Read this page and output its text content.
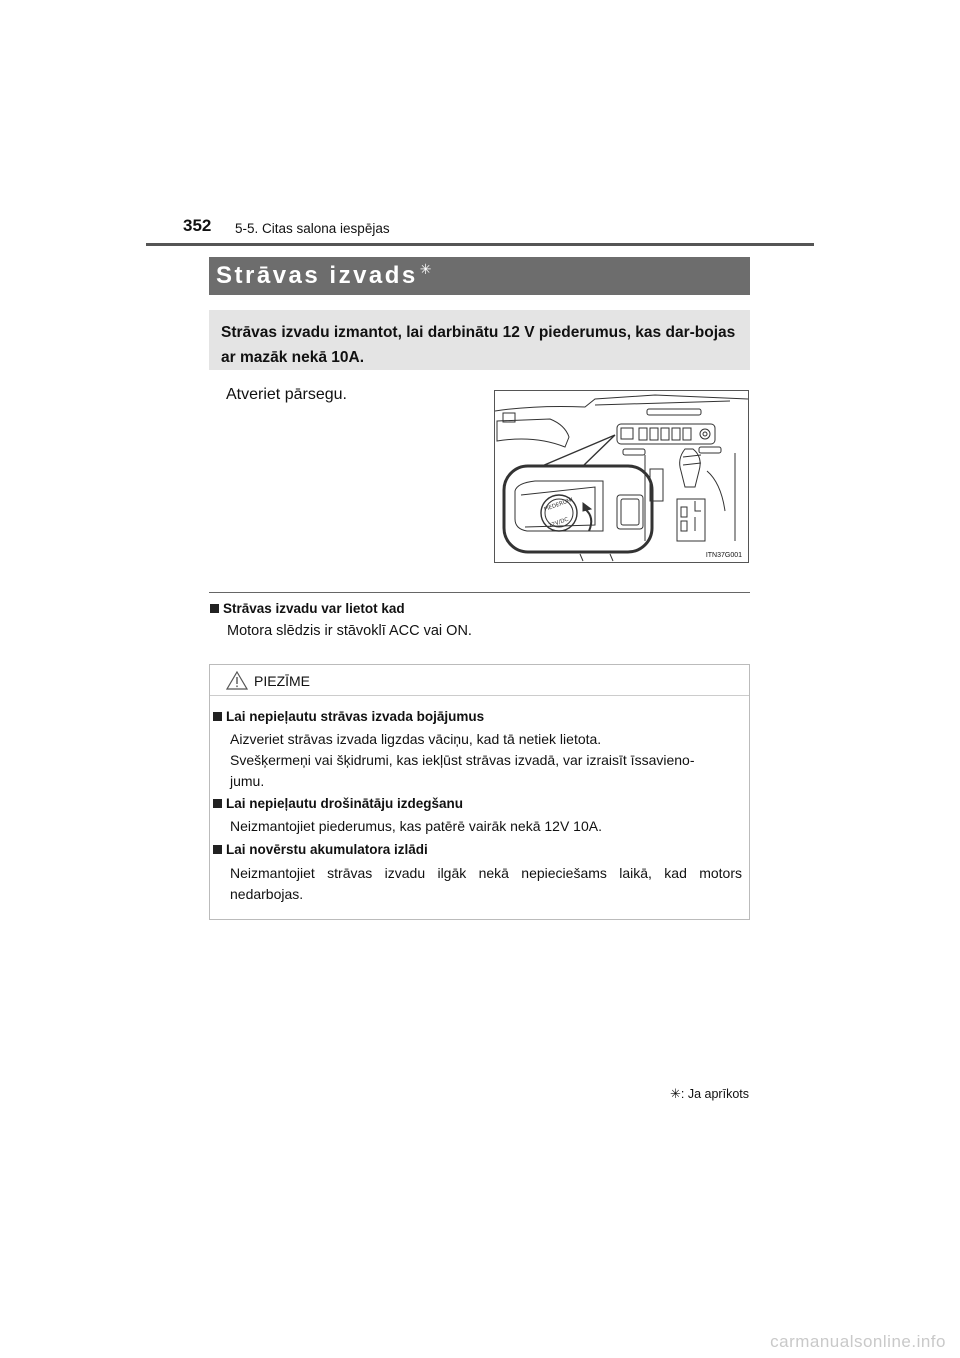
352 5-5. Citas salona iespējas
Strāvas izvads ✳
Strāvas izvadu izmantot, lai darbinātu 12 V piederumus, kas dar-bojas ar mazāk nekā 10A.
Atveriet pārsegu.
PIEDERUMI
12V/DC
ITN37G001
Strāvas izvadu var lietot kad
Motora slēdzis ir stāvoklī ACC vai ON.
PIEZĪME
Lai nepieļautu strāvas izvada bojājumus
Aizveriet strāvas izvada ligzdas vāciņu, kad tā netiek lietota.
Svešķermeņi vai šķidrumi, kas iekļūst strāvas izvadā, var izraisīt īssavieno-
jumu.
Lai nepieļautu drošinātāju izdegšanu
Neizmantojiet piederumus, kas patērē vairāk nekā 12V 10A.
Lai novērstu akumulatora izlādi
Neizmantojiet strāvas izvadu ilgāk nekā nepieciešams laikā, kad motors
nedarbojas.
✳: Ja aprīkots
carmanualsonline.info
